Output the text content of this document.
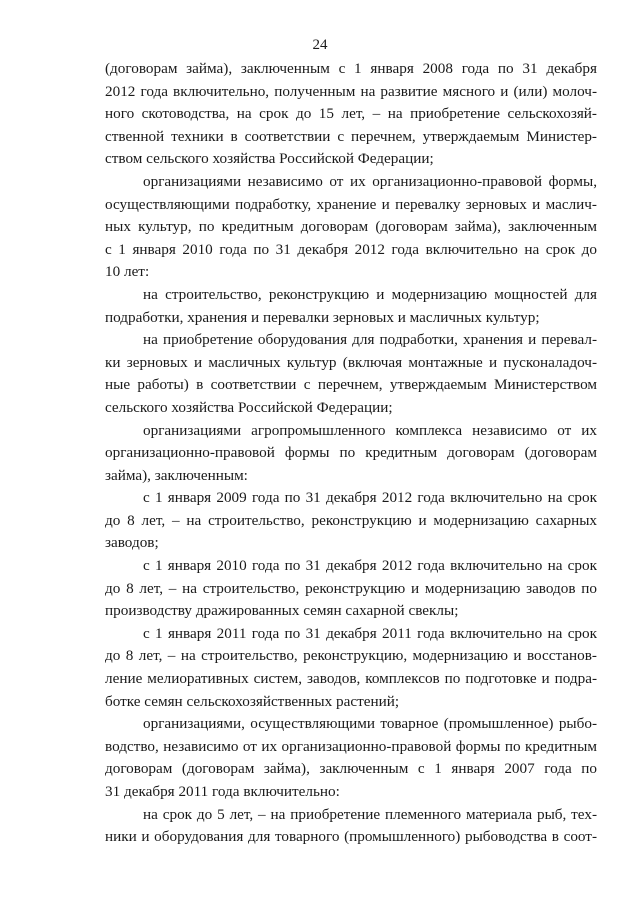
24

(договорам займа), заключенным с 1 января 2008 года по 31 декабря
2012 года включительно, полученным на развитие мясного и (или) молоч-
ного скотоводства, на срок до 15 лет, – на приобретение сельскохозяй-
ственной техники в соответствии с перечнем, утверждаемым Министер-
ством сельского хозяйства Российской Федерации;

организациями независимо от их организационно-правовой формы,
осуществляющими подработку, хранение и перевалку зерновых и маслич-
ных культур, по кредитным договорам (договорам займа), заключенным
с 1 января 2010 года по 31 декабря 2012 года включительно на срок до
10 лет:

на строительство, реконструкцию и модернизацию мощностей для
подработки, хранения и перевалки зерновых и масличных культур;

на приобретение оборудования для подработки, хранения и перевал-
ки зерновых и масличных культур (включая монтажные и пусконаладоч-
ные работы) в соответствии с перечнем, утверждаемым Министерством
сельского хозяйства Российской Федерации;

организациями агропромышленного комплекса независимо от их
организационно-правовой формы по кредитным договорам (договорам
займа), заключенным:

с 1 января 2009 года по 31 декабря 2012 года включительно на срок
до 8 лет, – на строительство, реконструкцию и модернизацию сахарных
заводов;

с 1 января 2010 года по 31 декабря 2012 года включительно на срок
до 8 лет, – на строительство, реконструкцию и модернизацию заводов по
производству дражированных семян сахарной свеклы;

с 1 января 2011 года по 31 декабря 2011 года включительно на срок
до 8 лет, – на строительство, реконструкцию, модернизацию и восстанов-
ление мелиоративных систем, заводов, комплексов по подготовке и подра-
ботке семян сельскохозяйственных растений;

организациями, осуществляющими товарное (промышленное) рыбо-
водство, независимо от их организационно-правовой формы по кредитным
договорам (договорам займа), заключенным с 1 января 2007 года по
31 декабря 2011 года включительно:

на срок до 5 лет, – на приобретение племенного материала рыб, тех-
ники и оборудования для товарного (промышленного) рыбоводства в соот-
